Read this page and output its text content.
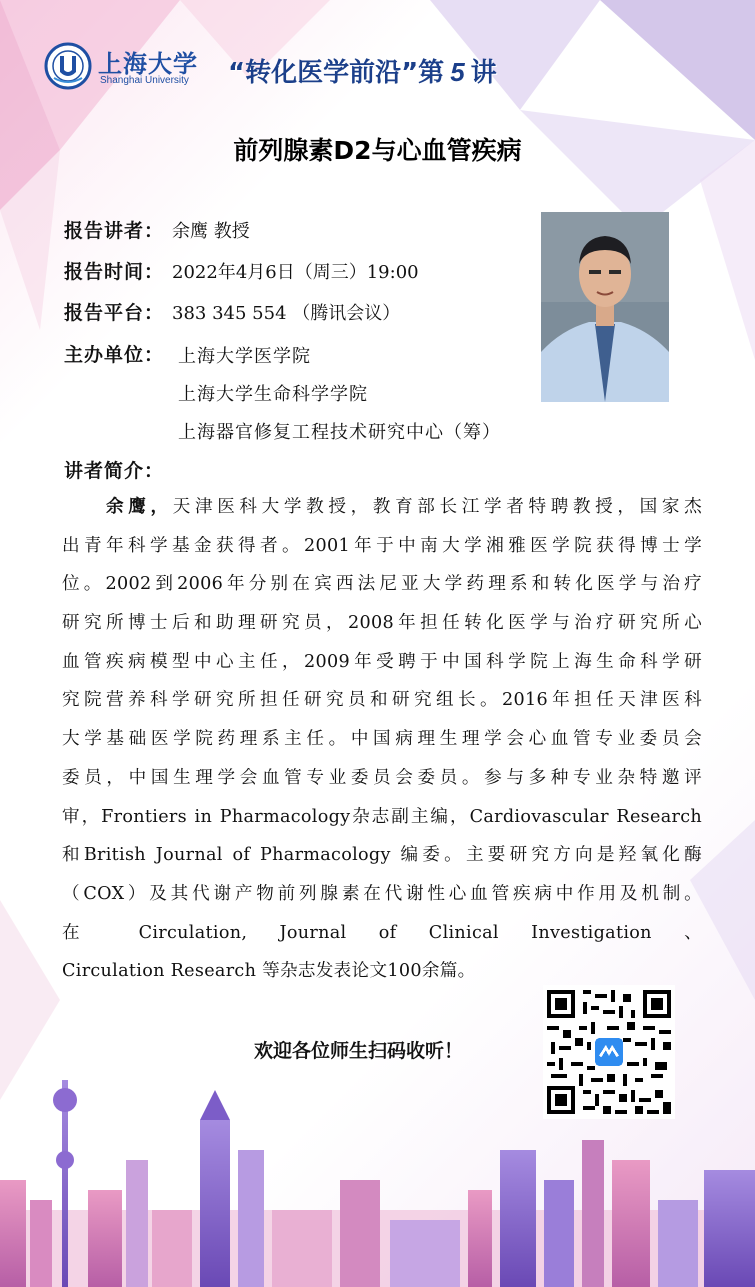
上海大学
Shanghai University “转化医学前沿”第 5 讲
前列腺素D2与心血管疾病
报告讲者： 余鹰 教授
报告时间： 2022年4月6日（周三）19:00
报告平台： 383 345 554 （腾讯会议）
主办单位： 上海大学医学院
上海大学生命科学学院
上海器官修复工程技术研究中心（筹）
讲者简介：
余鹰，天津医科大学教授，教育部长江学者特聘教授，国家杰
出青年科学基金获得者。2001年于中南大学湘雅医学院获得博士学
位。2002到2006年分别在宾西法尼亚大学药理系和转化医学与治疗
研究所博士后和助理研究员，2008年担任转化医学与治疗研究所心
血管疾病模型中心主任，2009年受聘于中国科学院上海生命科学研
究院营养科学研究所担任研究员和研究组长。2016年担任天津医科
大学基础医学院药理系主任。中国病理生理学会心血管专业委员会
委员，中国生理学会血管专业委员会委员。参与多种专业杂特邀评
审，Frontiers in Pharmacology杂志副主编，Cardiovascular Research
和British Journal of Pharmacology 编委。主要研究方向是羟氧化酶
（COX）及其代谢产物前列腺素在代谢性心血管疾病中作用及机制。
在 Circulation, Journal of Clinical Investigation 、
Circulation Research 等杂志发表论文100余篇。
欢迎各位师生扫码收听！
